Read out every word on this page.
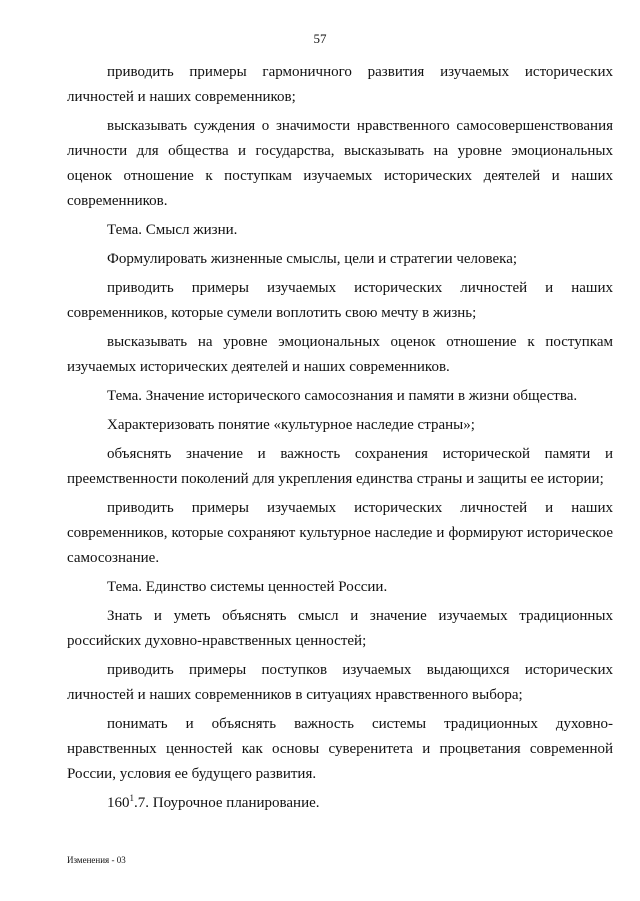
57

приводить примеры гармоничного развития изучаемых исторических личностей и наших современников;

высказывать суждения о значимости нравственного самосовершенствования личности для общества и государства, высказывать на уровне эмоциональных оценок отношение к поступкам изучаемых исторических деятелей и наших современников.

Тема. Смысл жизни.

Формулировать жизненные смыслы, цели и стратегии человека;

приводить примеры изучаемых исторических личностей и наших современников, которые сумели воплотить свою мечту в жизнь;

высказывать на уровне эмоциональных оценок отношение к поступкам изучаемых исторических деятелей и наших современников.

Тема. Значение исторического самосознания и памяти в жизни общества.

Характеризовать понятие «культурное наследие страны»;

объяснять значение и важность сохранения исторической памяти и преемственности поколений для укрепления единства страны и защиты ее истории;

приводить примеры изучаемых исторических личностей и наших современников, которые сохраняют культурное наследие и формируют историческое самосознание.

Тема. Единство системы ценностей России.

Знать и уметь объяснять смысл и значение изучаемых традиционных российских духовно-нравственных ценностей;

приводить примеры поступков изучаемых выдающихся исторических личностей и наших современников в ситуациях нравственного выбора;

понимать и объяснять важность системы традиционных духовно-нравственных ценностей как основы суверенитета и процветания современной России, условия ее будущего развития.

$160^1.7$. Поурочное планирование.

Изменения - 03
